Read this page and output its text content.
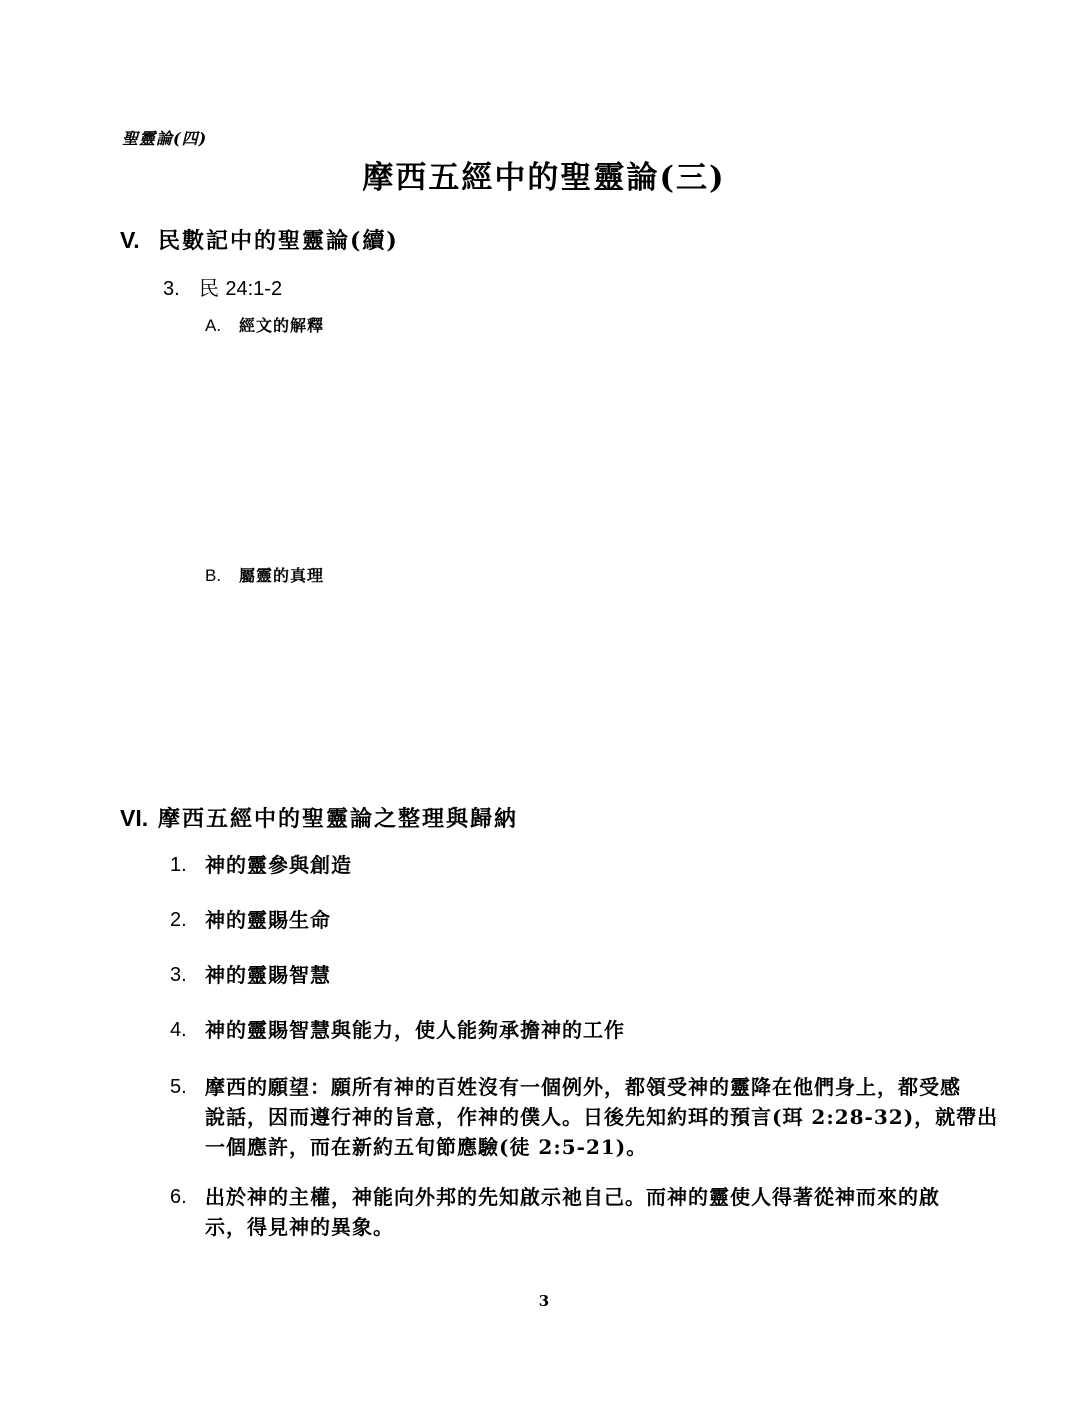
聖靈論(四)
摩西五經中的聖靈論(三)
V. 民數記中的聖靈論(續)
3. 民 24:1-2
A.	經文的解釋
B.	屬靈的真理
VI. 摩西五經中的聖靈論之整理與歸納
1. 神的靈參與創造
2. 神的靈賜生命
3. 神的靈賜智慧
4. 神的靈賜智慧與能力，使人能夠承擔神的工作
5. 摩西的願望：願所有神的百姓沒有一個例外，都領受神的靈降在他們身上，都受感
說話，因而遵行神的旨意，作神的僕人。日後先知約珥的預言(珥 2:28-32)，就帶出
一個應許，而在新約五旬節應驗(徒 2:5-21)。
6. 出於神的主權，神能向外邦的先知啟示祂自己。而神的靈使人得著從神而來的啟
示，得見神的異象。
3
